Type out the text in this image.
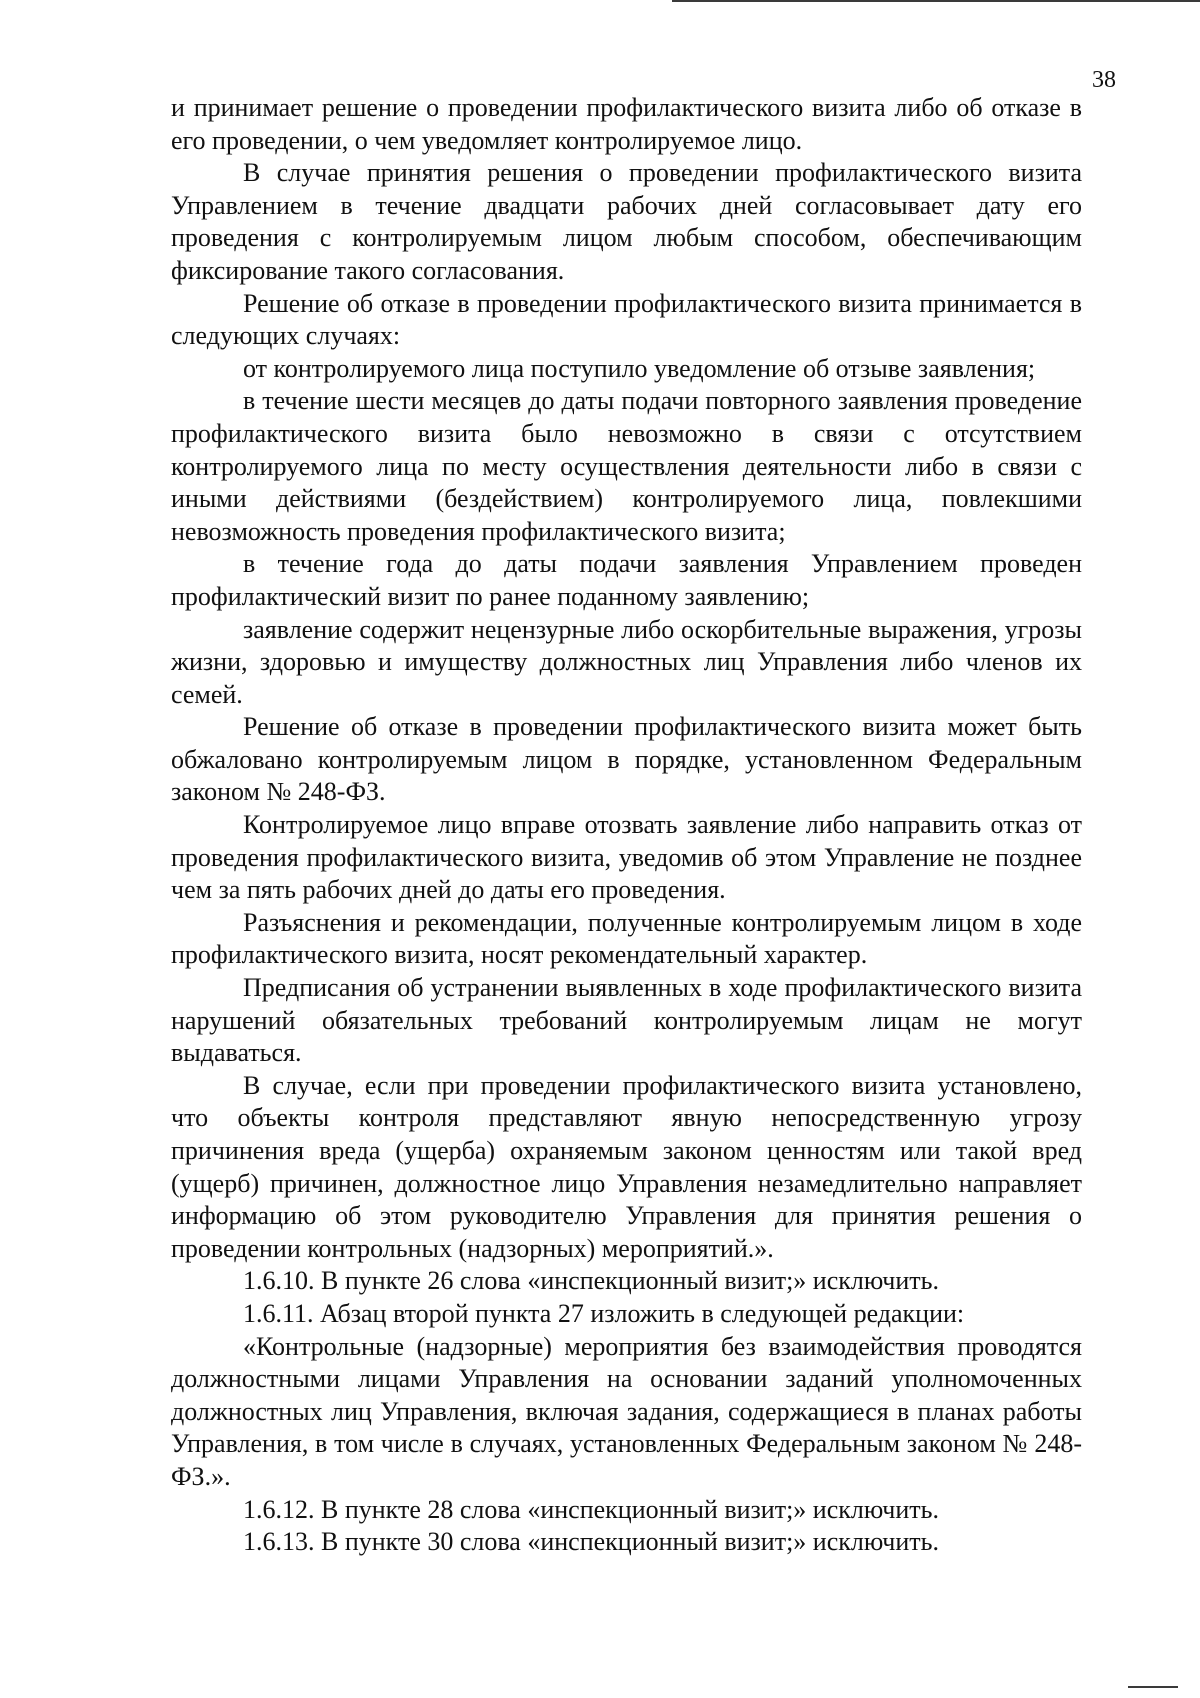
38

и принимает решение о проведении профилактического визита либо об отказе в его проведении, о чем уведомляет контролируемое лицо.

В случае принятия решения о проведении профилактического визита Управлением в течение двадцати рабочих дней согласовывает дату его проведения с контролируемым лицом любым способом, обеспечивающим фиксирование такого согласования.

Решение об отказе в проведении профилактического визита принимается в следующих случаях:

от контролируемого лица поступило уведомление об отзыве заявления;

в течение шести месяцев до даты подачи повторного заявления проведение профилактического визита было невозможно в связи с отсутствием контролируемого лица по месту осуществления деятельности либо в связи с иными действиями (бездействием) контролируемого лица, повлекшими невозможность проведения профилактического визита;

в течение года до даты подачи заявления Управлением проведен профилактический визит по ранее поданному заявлению;

заявление содержит нецензурные либо оскорбительные выражения, угрозы жизни, здоровью и имуществу должностных лиц Управления либо членов их семей.

Решение об отказе в проведении профилактического визита может быть обжаловано контролируемым лицом в порядке, установленном Федеральным законом № 248-ФЗ.

Контролируемое лицо вправе отозвать заявление либо направить отказ от проведения профилактического визита, уведомив об этом Управление не позднее чем за пять рабочих дней до даты его проведения.

Разъяснения и рекомендации, полученные контролируемым лицом в ходе профилактического визита, носят рекомендательный характер.

Предписания об устранении выявленных в ходе профилактического визита нарушений обязательных требований контролируемым лицам не могут выдаваться.

В случае, если при проведении профилактического визита установлено, что объекты контроля представляют явную непосредственную угрозу причинения вреда (ущерба) охраняемым законом ценностям или такой вред (ущерб) причинен, должностное лицо Управления незамедлительно направляет информацию об этом руководителю Управления для принятия решения о проведении контрольных (надзорных) мероприятий.».

1.6.10. В пункте 26 слова «инспекционный визит;» исключить.

1.6.11. Абзац второй пункта 27 изложить в следующей редакции:

«Контрольные (надзорные) мероприятия без взаимодействия проводятся должностными лицами Управления на основании заданий уполномоченных должностных лиц Управления, включая задания, содержащиеся в планах работы Управления, в том числе в случаях, установленных Федеральным законом № 248-ФЗ.».

1.6.12. В пункте 28 слова «инспекционный визит;» исключить.

1.6.13. В пункте 30 слова «инспекционный визит;» исключить.
